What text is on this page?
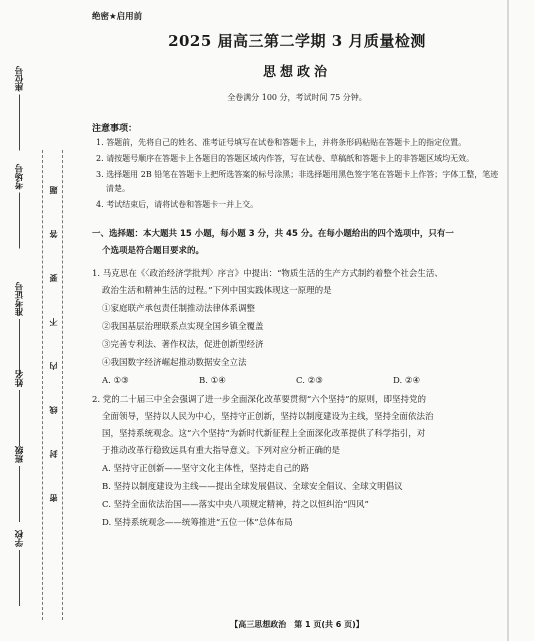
座位号
考场号
准考证号
姓名
班级
学校
题
答
要
不
内
线
封
密
绝密★启用前
2025 届高三第二学期 3 月质量检测
思想政治
全卷满分 100 分，考试时间 75 分钟。
注意事项：
1. 答题前，先将自己的姓名、准考证号填写在试卷和答题卡上，并将条形码粘贴在答题卡上的指定位置。
2. 请按题号顺序在答题卡上各题目的答题区域内作答，写在试卷、草稿纸和答题卡上的非答题区域均无效。
3. 选择题用 2B 铅笔在答题卡上把所选答案的标号涂黑；非选择题用黑色签字笔在答题卡上作答；字体工整，笔迹清楚。
4. 考试结束后，请将试卷和答题卡一并上交。
一、选择题：本大题共 15 小题，每小题 3 分，共 45 分。在每小题给出的四个选项中，只有一
个选项是符合题目要求的。
1. 马克思在《〈政治经济学批判〉序言》中提出：“物质生活的生产方式制约着整个社会生活、
政治生活和精神生活的过程。”下列中国实践体现这一原理的是
①家庭联产承包责任制推动法律体系调整
②我国基层治理联系点实现全国乡镇全覆盖
③完善专利法、著作权法，促进创新型经济
④我国数字经济崛起推动数据安全立法
A. ①③	B. ①④	C. ②③	D. ②④
2. 党的二十届三中全会强调了进一步全面深化改革要贯彻“六个坚持”的原则，即坚持党的
全面领导，坚持以人民为中心，坚持守正创新，坚持以制度建设为主线，坚持全面依法治
国，坚持系统观念。这“六个坚持”为新时代新征程上全面深化改革提供了科学指引，对
于推动改革行稳致远具有重大指导意义。下列对应分析正确的是
A. 坚持守正创新——坚守文化主体性，坚持走自己的路
B. 坚持以制度建设为主线——提出全球发展倡议、全球安全倡议、全球文明倡议
C. 坚持全面依法治国——落实中央八项规定精神，持之以恒纠治“四风”
D. 坚持系统观念——统筹推进“五位一体”总体布局
【高三思想政治　第 1 页(共 6 页)】
